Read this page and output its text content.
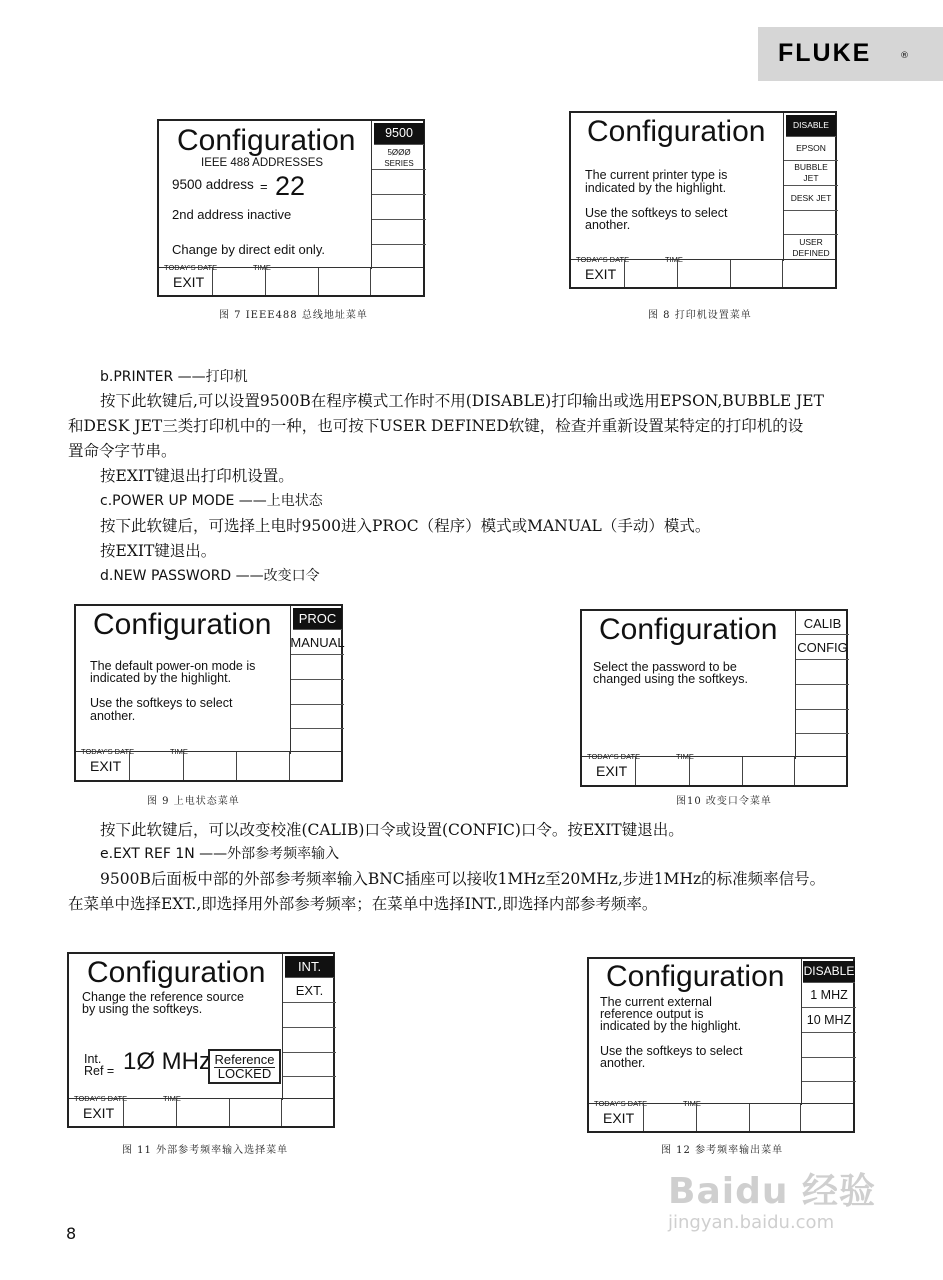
FLUKE	®
Configuration
IEEE 488 ADDRESSES
9500 address = 22
2nd address inactive
Change by direct edit only.
9500
5ØØØ
SERIES
TODAY'S DATE	TIME
EXIT
图 7 IEEE488 总线地址菜单
Configuration
The current printer type is
indicated by the highlight.
Use the softkeys to select
another.
DISABLE
EPSON
BUBBLE
JET
DESK JET
USER
DEFINED
TODAY'S DATE	TIME
EXIT
图 8 打印机设置菜单
b.PRINTER ——打印机
按下此软键后,可以设置9500B在程序模式工作时不用(DISABLE)打印输出或选用EPSON,BUBBLE JET
和DESK JET三类打印机中的一种，也可按下USER DEFINED软键，检查并重新设置某特定的打印机的设
置命令字节串。
按EXIT键退出打印机设置。
c.POWER UP MODE ——上电状态
按下此软键后，可选择上电时9500进入PROC（程序）模式或MANUAL（手动）模式。
按EXIT键退出。
d.NEW PASSWORD ——改变口令
Configuration
The default power-on mode is
indicated by the highlight.
Use the softkeys to select
another.
PROC
MANUAL
TODAY'S DATE	TIME
EXIT
图 9 上电状态菜单
Configuration
Select the password to be
changed using the softkeys.
CALIB
CONFIG
TODAY'S DATE	TIME
EXIT
图10 改变口令菜单
按下此软键后，可以改变校准(CALIB)口令或设置(CONFIC)口令。按EXIT键退出。
e.EXT REF 1N ——外部参考频率输入
9500B后面板中部的外部参考频率输入BNC插座可以接收1MHz至20MHz,步进1MHz的标准频率信号。
在菜单中选择EXT.,即选择用外部参考频率；在菜单中选择INT.,即选择内部参考频率。
Configuration
Change the reference source
by using the softkeys.
Int.
Ref = 1Ø MHz Reference
LOCKED
INT.
EXT.
TODAY'S DATE	TIME
EXIT
图 11 外部参考频率输入选择菜单
Configuration
The current external
reference output is
indicated by the highlight.
Use the softkeys to select
another.
DISABLE
1 MHZ
10 MHZ
TODAY'S DATE	TIME
EXIT
图 12 参考频率输出菜单
8
Baidu 经验
jingyan.baidu.com
